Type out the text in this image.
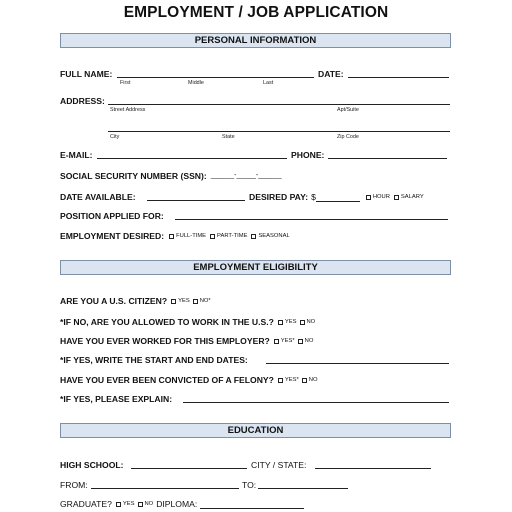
EMPLOYMENT / JOB APPLICATION
PERSONAL INFORMATION
FULL NAME:
First	Middle	Last
DATE:
ADDRESS:
Street Address	Apt/Suite
City	State	Zip Code
E-MAIL:	PHONE:
SOCIAL SECURITY NUMBER (SSN): ______-_____-______
DATE AVAILABLE:	DESIRED PAY: $	HOUR SALARY
POSITION APPLIED FOR:
EMPLOYMENT DESIRED: FULL-TIME PART-TIME SEASONAL
EMPLOYMENT ELIGIBILITY
ARE YOU A U.S. CITIZEN? YES NO*
*IF NO, ARE YOU ALLOWED TO WORK IN THE U.S.? YES NO
HAVE YOU EVER WORKED FOR THIS EMPLOYER? YES* NO
*IF YES, WRITE THE START AND END DATES:
HAVE YOU EVER BEEN CONVICTED OF A FELONY? YES* NO
*IF YES, PLEASE EXPLAIN:
EDUCATION
HIGH SCHOOL:	CITY / STATE:
FROM:	TO:
GRADUATE? YES NO DIPLOMA:
